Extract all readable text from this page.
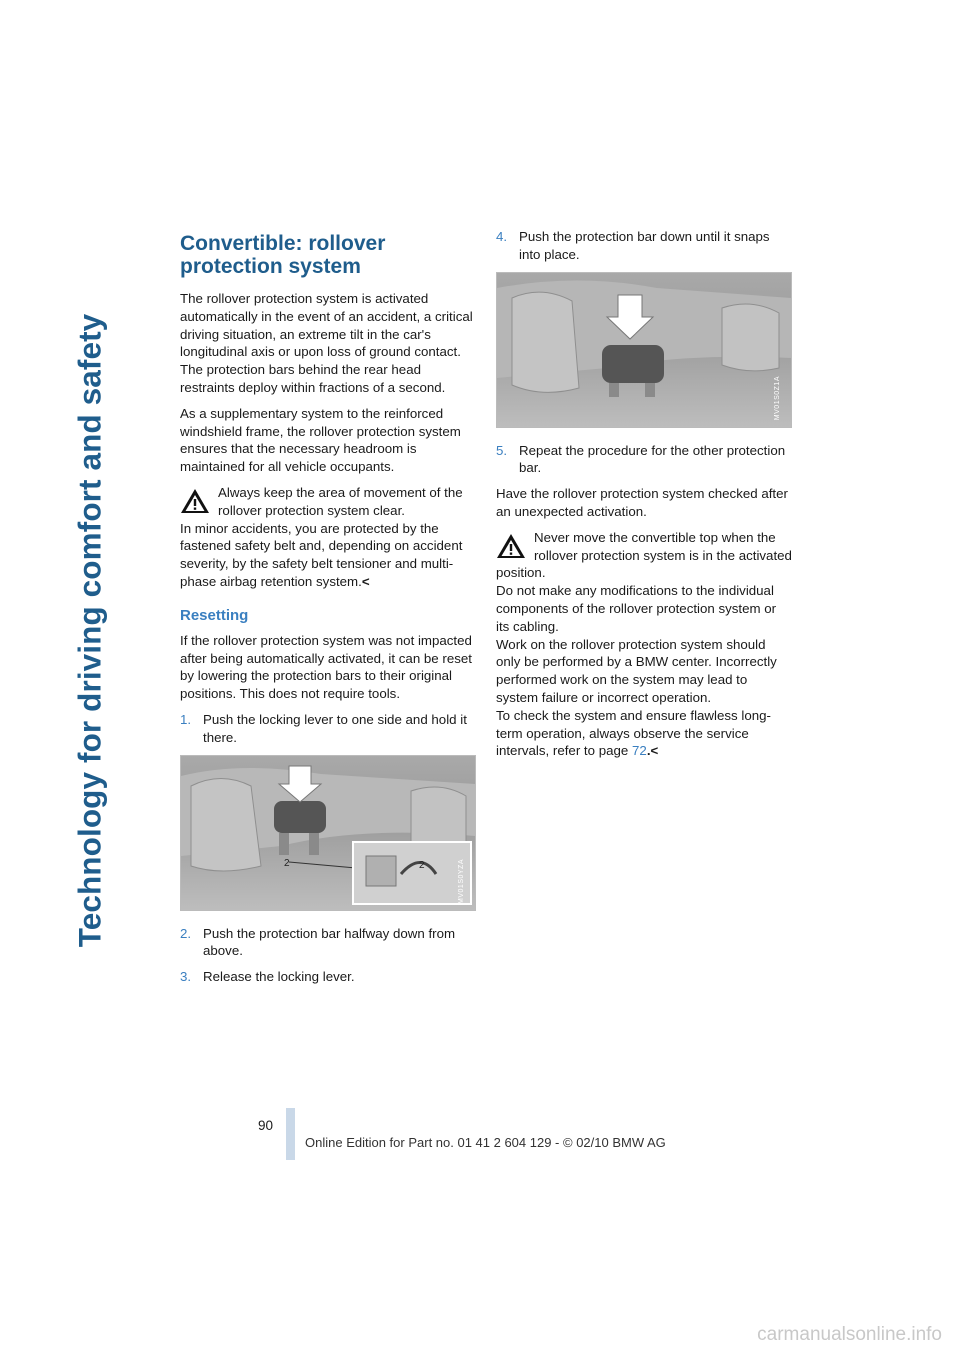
Technology for driving comfort and safety
Convertible: rollover protection system

The rollover protection system is activated automatically in the event of an accident, a critical driving situation, an extreme tilt in the car's longitudinal axis or upon loss of ground contact. The protection bars behind the rear head restraints deploy within fractions of a second.

As a supplementary system to the reinforced windshield frame, the rollover protection system ensures that the necessary headroom is maintained for all vehicle occupants.

Always keep the area of movement of the rollover protection system clear.
In minor accidents, you are protected by the fastened safety belt and, depending on accident severity, by the safety belt tensioner and multi-phase airbag retention system.<
Resetting

If the rollover protection system was not impacted after being automatically activated, it can be reset by lowering the protection bars to their original positions. This does not require tools.

1. Push the locking lever to one side and hold it there.
2	2	MV01S0YZA
2. Push the protection bar halfway down from above.
3. Release the locking lever.
4. Push the protection bar down until it snaps into place.
MV01S0Z1A
5. Repeat the procedure for the other protection bar.

Have the rollover protection system checked after an unexpected activation.

Never move the convertible top when the rollover protection system is in the activated position.
Do not make any modifications to the individual components of the rollover protection system or its cabling.
Work on the rollover protection system should only be performed by a BMW center. Incorrectly performed work on the system may lead to system failure or incorrect operation.
To check the system and ensure flawless long-term operation, always observe the service intervals, refer to page 72.<
90
Online Edition for Part no. 01 41 2 604 129 - © 02/10 BMW AG
carmanualsonline.info
